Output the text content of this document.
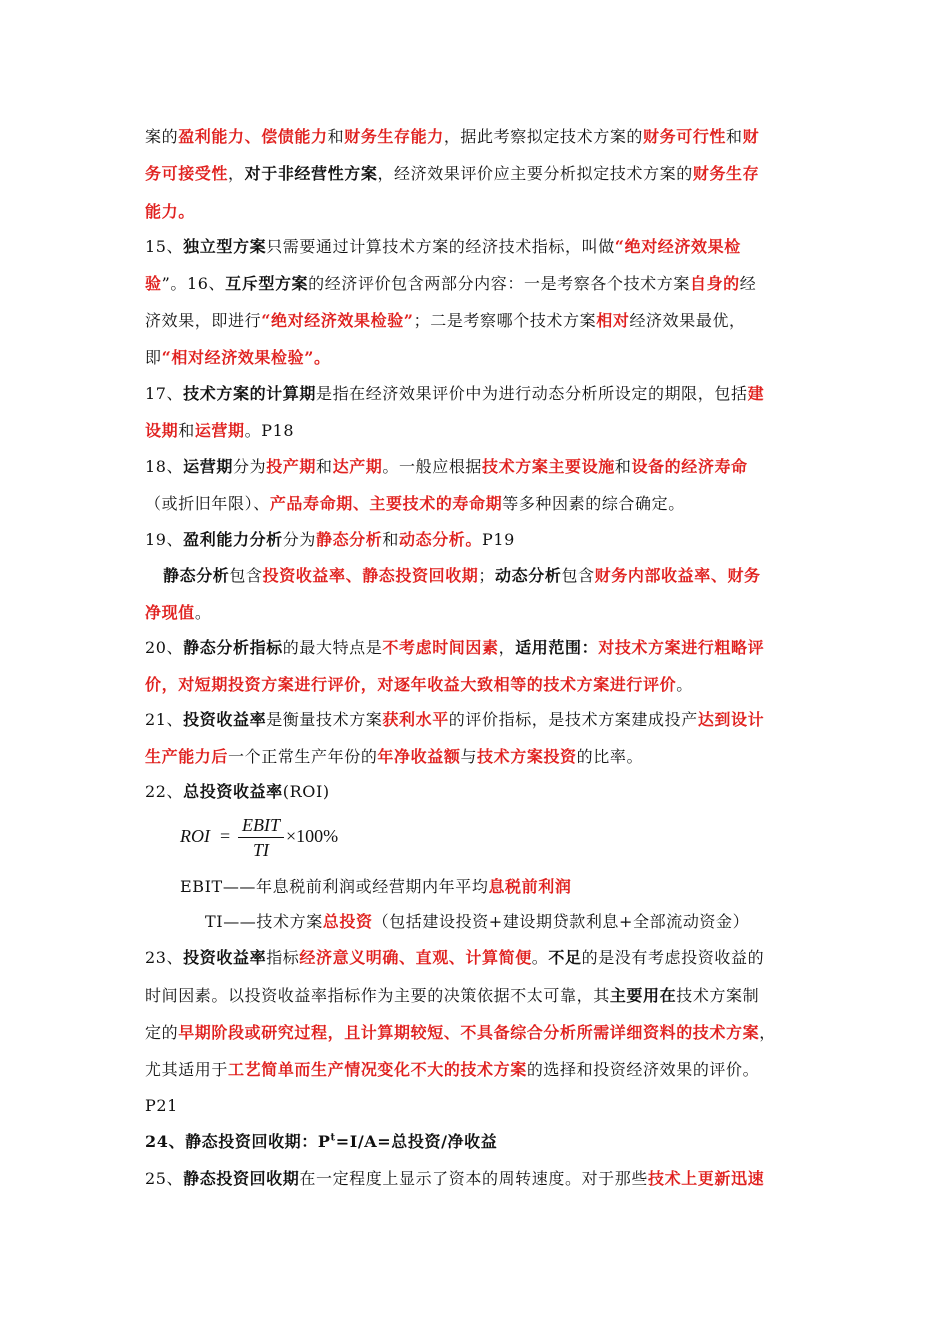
案的盈利能力、偿债能力和财务生存能力，据此考察拟定技术方案的财务可行性和财
务可接受性，对于非经营性方案，经济效果评价应主要分析拟定技术方案的财务生存
能力。
15、独立型方案只需要通过计算技术方案的经济技术指标，叫做“绝对经济效果检
验”。16、互斥型方案的经济评价包含两部分内容：一是考察各个技术方案自身的经
济效果，即进行“绝对经济效果检验”；二是考察哪个技术方案相对经济效果最优，
即“相对经济效果检验”。
17、技术方案的计算期是指在经济效果评价中为进行动态分析所设定的期限，包括建
设期和运营期。P18
18、运营期分为投产期和达产期。一般应根据技术方案主要设施和设备的经济寿命
（或折旧年限）、产品寿命期、主要技术的寿命期等多种因素的综合确定。
19、盈利能力分析分为静态分析和动态分析。P19
静态分析包含投资收益率、静态投资回收期；动态分析包含财务内部收益率、财务
净现值。
20、静态分析指标的最大特点是不考虑时间因素，适用范围：对技术方案进行粗略评
价，对短期投资方案进行评价，对逐年收益大致相等的技术方案进行评价。
21、投资收益率是衡量技术方案获利水平的评价指标，是技术方案建成投产达到设计
生产能力后一个正常生产年份的年净收益额与技术方案投资的比率。
22、总投资收益率(ROI)
ROI =
EBIT
TI
×100%
EBIT——年息税前利润或经营期内年平均息税前利润
TI——技术方案总投资（包括建设投资+建设期贷款利息+全部流动资金）
23、投资收益率指标经济意义明确、直观、计算简便。不足的是没有考虑投资收益的
时间因素。以投资收益率指标作为主要的决策依据不太可靠，其主要用在技术方案制
定的早期阶段或研究过程，且计算期较短、不具备综合分析所需详细资料的技术方案，
尤其适用于工艺简单而生产情况变化不大的技术方案的选择和投资经济效果的评价。
P21
24、静态投资回收期：$P^t=I/A=$总投资/净收益
25、静态投资回收期在一定程度上显示了资本的周转速度。对于那些技术上更新迅速
